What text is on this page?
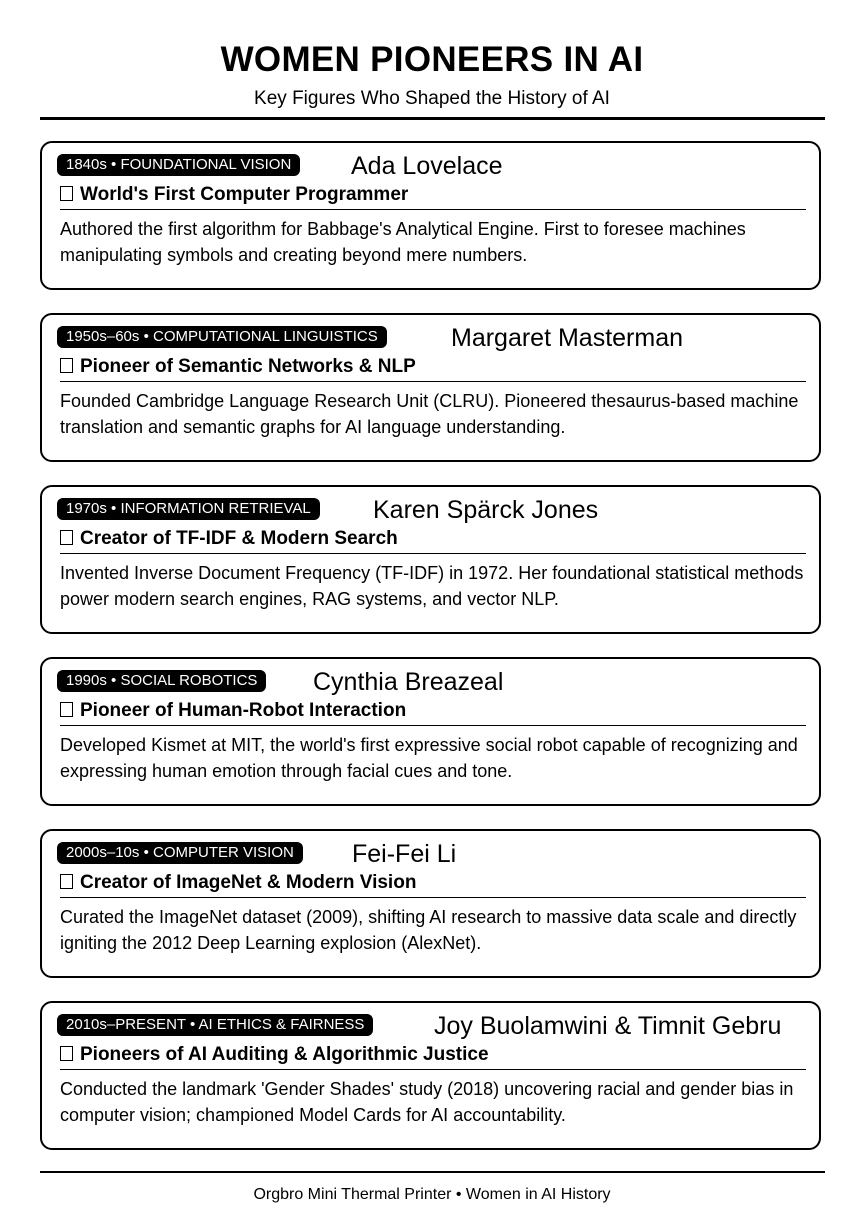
WOMEN PIONEERS IN AI
Key Figures Who Shaped the History of AI
1840s • FOUNDATIONAL VISION	Ada Lovelace
World's First Computer Programmer
Authored the first algorithm for Babbage's Analytical Engine. First to foresee machines manipulating symbols and creating beyond mere numbers.
1950s–60s • COMPUTATIONAL LINGUISTICS	Margaret Masterman
Pioneer of Semantic Networks & NLP
Founded Cambridge Language Research Unit (CLRU). Pioneered thesaurus-based machine translation and semantic graphs for AI language understanding.
1970s • INFORMATION RETRIEVAL	Karen Spärck Jones
Creator of TF-IDF & Modern Search
Invented Inverse Document Frequency (TF-IDF) in 1972. Her foundational statistical methods power modern search engines, RAG systems, and vector NLP.
1990s • SOCIAL ROBOTICS	Cynthia Breazeal
Pioneer of Human-Robot Interaction
Developed Kismet at MIT, the world's first expressive social robot capable of recognizing and expressing human emotion through facial cues and tone.
2000s–10s • COMPUTER VISION	Fei-Fei Li
Creator of ImageNet & Modern Vision
Curated the ImageNet dataset (2009), shifting AI research to massive data scale and directly igniting the 2012 Deep Learning explosion (AlexNet).
2010s–PRESENT • AI ETHICS & FAIRNESS	Joy Buolamwini & Timnit Gebru
Pioneers of AI Auditing & Algorithmic Justice
Conducted the landmark 'Gender Shades' study (2018) uncovering racial and gender bias in computer vision; championed Model Cards for AI accountability.
Orgbro Mini Thermal Printer • Women in AI History
